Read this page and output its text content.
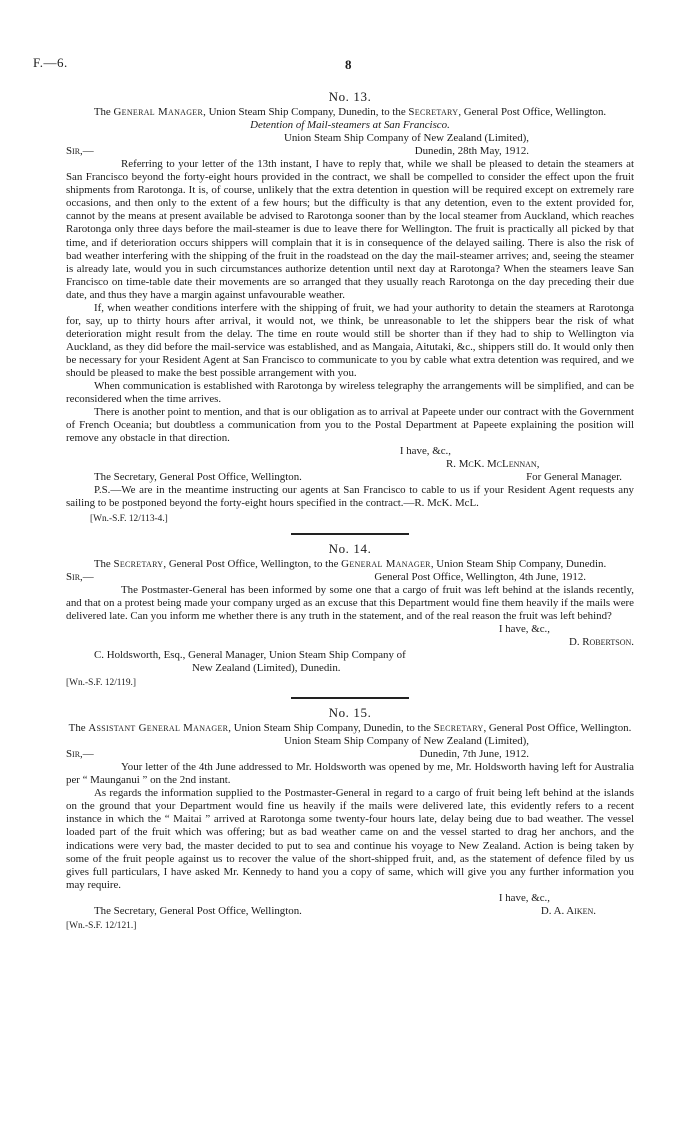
F.—6.	8
No. 13.

The General Manager, Union Steam Ship Company, Dunedin, to the Secretary, General Post Office, Wellington.

Detention of Mail-steamers at San Francisco.

Union Steam Ship Company of New Zealand (Limited),

Sir,—	Dunedin, 28th May, 1912.

Referring to your letter of the 13th instant, I have to reply that, while we shall be pleased to detain the steamers at San Francisco beyond the forty-eight hours provided in the contract, we shall be compelled to consider the effect upon the fruit shipments from Rarotonga. It is, of course, unlikely that the extra detention in question will be required except on extremely rare occasions, and then only to the extent of a few hours; but the difficulty is that any detention, even to the extent provided for, cannot by the means at present available be advised to Rarotonga sooner than by the local steamer from Auckland, which reaches Rarotonga only three days before the mail-steamer is due to leave there for Wellington. The fruit is practically all picked by that time, and if deterioration occurs shippers will complain that it is in consequence of the delayed sailing. There is also the risk of bad weather interfering with the shipping of the fruit in the roadstead on the day the mail-steamer arrives; and, seeing the steamer is already late, would you in such circumstances authorize detention until next day at Rarotonga? When the steamers leave San Francisco on time-table date their movements are so arranged that they usually reach Rarotonga on the day preceding their due date, and thus they have a margin against unfavourable weather.

If, when weather conditions interfere with the shipping of fruit, we had your authority to detain the steamers at Rarotonga for, say, up to thirty hours after arrival, it would not, we think, be unreasonable to let the shippers bear the risk of what deterioration might result from the delay. The time en route would still be shorter than if they had to ship to Wellington via Auckland, as they did before the mail-service was established, and as Mangaia, Aitutaki, &c., shippers still do. It would only then be necessary for your Resident Agent at San Francisco to communicate to you by cable what extra detention was required, and we should be pleased to make the best possible arrangement with you.

When communication is established with Rarotonga by wireless telegraphy the arrangements will be simplified, and can be reconsidered when the time arrives.

There is another point to mention, and that is our obligation as to arrival at Papeete under our contract with the Government of French Oceania; but doubtless a communication from you to the Postal Department at Papeete explaining the position will remove any obstacle in that direction.

I have, &c.,

R. McK. McLennan,
The Secretary, General Post Office, Wellington.	For General Manager.

P.S.—We are in the meantime instructing our agents at San Francisco to cable to us if your Resident Agent requests any sailing to be postponed beyond the forty-eight hours specified in the contract.—R. McK. McL.

[Wn.-S.F. 12/113-4.]

No. 14.

The Secretary, General Post Office, Wellington, to the General Manager, Union Steam Ship Company, Dunedin.

Sir,—	General Post Office, Wellington, 4th June, 1912.

The Postmaster-General has been informed by some one that a cargo of fruit was left behind at the islands recently, and that on a protest being made your company urged as an excuse that this Department would fine them heavily if the mails were delivered late. Can you inform me whether there is any truth in the statement, and of the real reason the fruit was left behind?

I have, &c.,

D. Robertson.

C. Holdsworth, Esq., General Manager, Union Steam Ship Company of

New Zealand (Limited), Dunedin.

[Wn.-S.F. 12/119.]

No. 15.

The Assistant General Manager, Union Steam Ship Company, Dunedin, to the Secretary, General Post Office, Wellington.

Union Steam Ship Company of New Zealand (Limited),

Sir,—	Dunedin, 7th June, 1912.

Your letter of the 4th June addressed to Mr. Holdsworth was opened by me, Mr. Holdsworth having left for Australia per “ Maunganui ” on the 2nd instant.

As regards the information supplied to the Postmaster-General in regard to a cargo of fruit being left behind at the islands on the ground that your Department would fine us heavily if the mails were delivered late, this evidently refers to a recent instance in which the “ Maitai ” arrived at Rarotonga some twenty-four hours late, delay being due to bad weather. The vessel loaded part of the fruit which was offering; but as bad weather came on and the vessel started to drag her anchors, and the indications were very bad, the master decided to put to sea and continue his voyage to New Zealand. Action is being taken by some of the fruit people against us to recover the value of the short-shipped fruit, and, as the statement of defence filed by us gives full particulars, I have asked Mr. Kennedy to hand you a copy of same, which will give you any further information you may require.

I have, &c.,

The Secretary, General Post Office, Wellington.	D. A. Aiken.

[Wn.-S.F. 12/121.]
